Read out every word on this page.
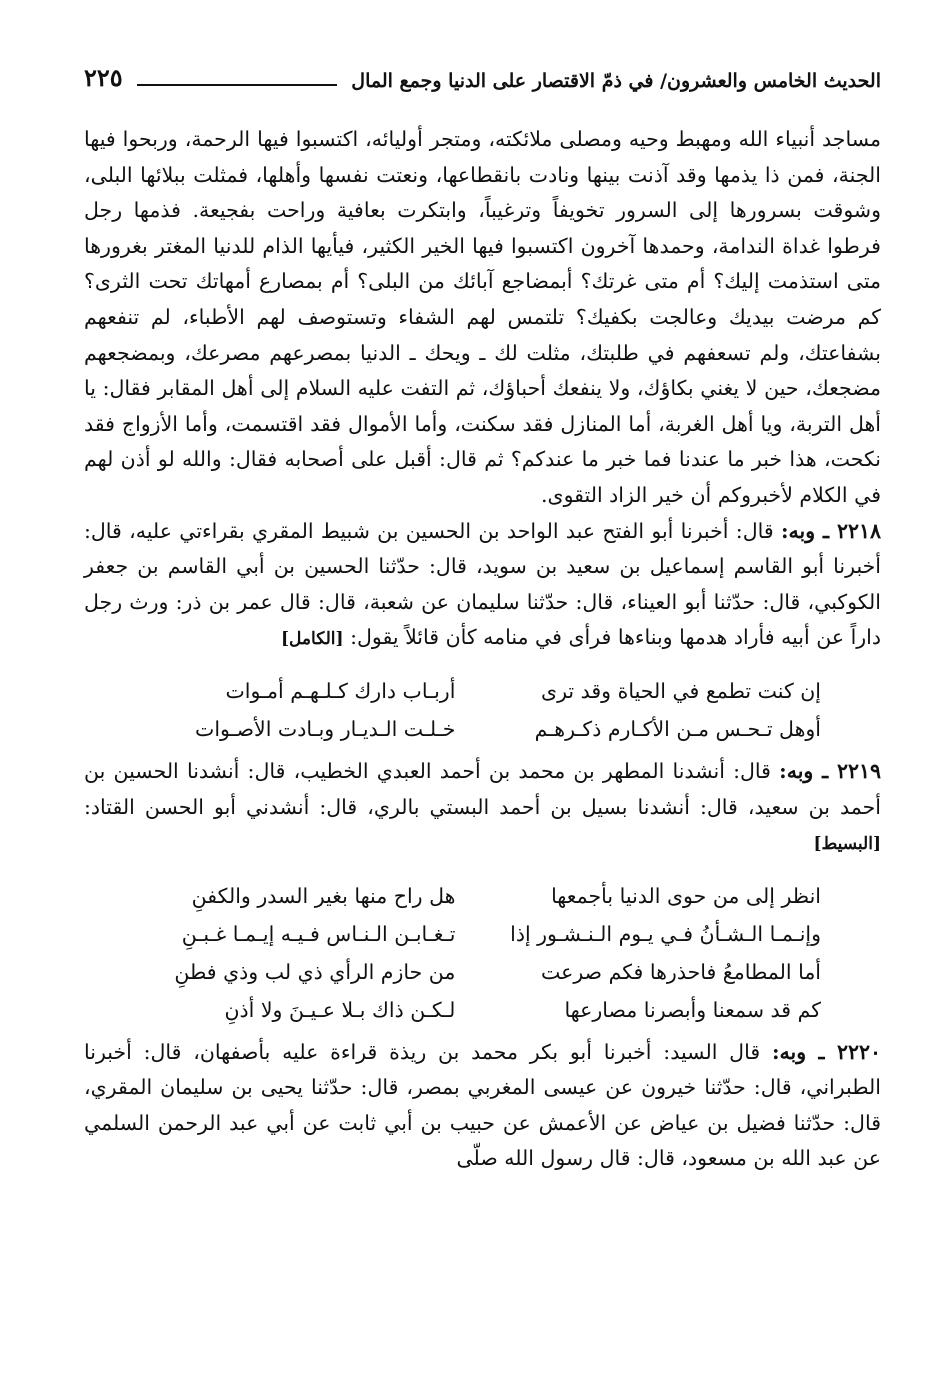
الحديث الخامس والعشرون/ في ذمّ الاقتصار على الدنيا وجمع المال
٢٢٥

مساجد أنبياء الله ومهبط وحيه ومصلى ملائكته، ومتجر أوليائه، اكتسبوا فيها الرحمة، وربحوا فيها الجنة، فمن ذا يذمها وقد آذنت بينها ونادت بانقطاعها، ونعتت نفسها وأهلها، فمثلت ببلائها البلى، وشوقت بسرورها إلى السرور تخويفاً وترغيباً، وابتكرت بعافية وراحت بفجيعة. فذمها رجل فرطوا غداة الندامة، وحمدها آخرون اكتسبوا فيها الخير الكثير، فيأيها الذام للدنيا المغتر بغرورها متى استذمت إليك؟ أم متى غرتك؟ أبمضاجع آبائك من البلى؟ أم بمصارع أمهاتك تحت الثرى؟ كم مرضت بيديك وعالجت بكفيك؟ تلتمس لهم الشفاء وتستوصف لهم الأطباء، لم تنفعهم بشفاعتك، ولم تسعفهم في طلبتك، مثلت لك ـ ويحك ـ الدنيا بمصرعهم مصرعك، وبمضجعهم مضجعك، حين لا يغني بكاؤك، ولا ينفعك أحباؤك، ثم التفت عليه السلام إلى أهل المقابر فقال: يا أهل التربة، ويا أهل الغربة، أما المنازل فقد سكنت، وأما الأموال فقد اقتسمت، وأما الأزواج فقد نكحت، هذا خبر ما عندنا فما خبر ما عندكم؟ ثم قال: أقبل على أصحابه فقال: والله لو أذن لهم في الكلام لأخبروكم أن خير الزاد التقوى.

٢٢١٨ ـ وبه: قال: أخبرنا أبو الفتح عبد الواحد بن الحسين بن شبيط المقري بقراءتي عليه، قال: أخبرنا أبو القاسم إسماعيل بن سعيد بن سويد، قال: حدّثنا الحسين بن أبي القاسم بن جعفر الكوكبي، قال: حدّثنا أبو العيناء، قال: حدّثنا سليمان عن شعبة، قال: قال عمر بن ذر: ورث رجل داراً عن أبيه فأراد هدمها وبناءها فرأى في منامه كأن قائلاً يقول: [الكامل]

إن كنت تطمع في الحياة وقد ترى
أربـاب دارك كـلـهـم أمـوات
أوهل تـحـس مـن الأكـارم ذكـرهـم
خـلـت الـديـار وبـادت الأصـوات

٢٢١٩ ـ وبه: قال: أنشدنا المطهر بن محمد بن أحمد العبدي الخطيب، قال: أنشدنا الحسين بن أحمد بن سعيد، قال: أنشدنا بسيل بن أحمد البستي بالري، قال: أنشدني أبو الحسن القتاد: [البسيط]

انظر إلى من حوى الدنيا بأجمعها
هل راح منها بغير السدر والكفنِ
وإنـمـا الـشـأنُ فـي يـوم الـنـشـور إذا
تـغـابـن الـنـاس فـيـه إيـمـا غـبـنِ
أما المطامعُ فاحذرها فكم صرعت
من حازم الرأي ذي لب وذي فطنِ
كم قد سمعنا وأبصرنا مصارعها
لـكـن ذاك بـلا عـيـنَ ولا أذنِ

٢٢٢٠ ـ وبه: قال السيد: أخبرنا أبو بكر محمد بن ريذة قراءة عليه بأصفهان، قال: أخبرنا الطبراني، قال: حدّثنا خيرون عن عيسى المغربي بمصر، قال: حدّثنا يحيى بن سليمان المقري، قال: حدّثنا فضيل بن عياض عن الأعمش عن حبيب بن أبي ثابت عن أبي عبد الرحمن السلمي عن عبد الله بن مسعود، قال: قال رسول الله صلّى
